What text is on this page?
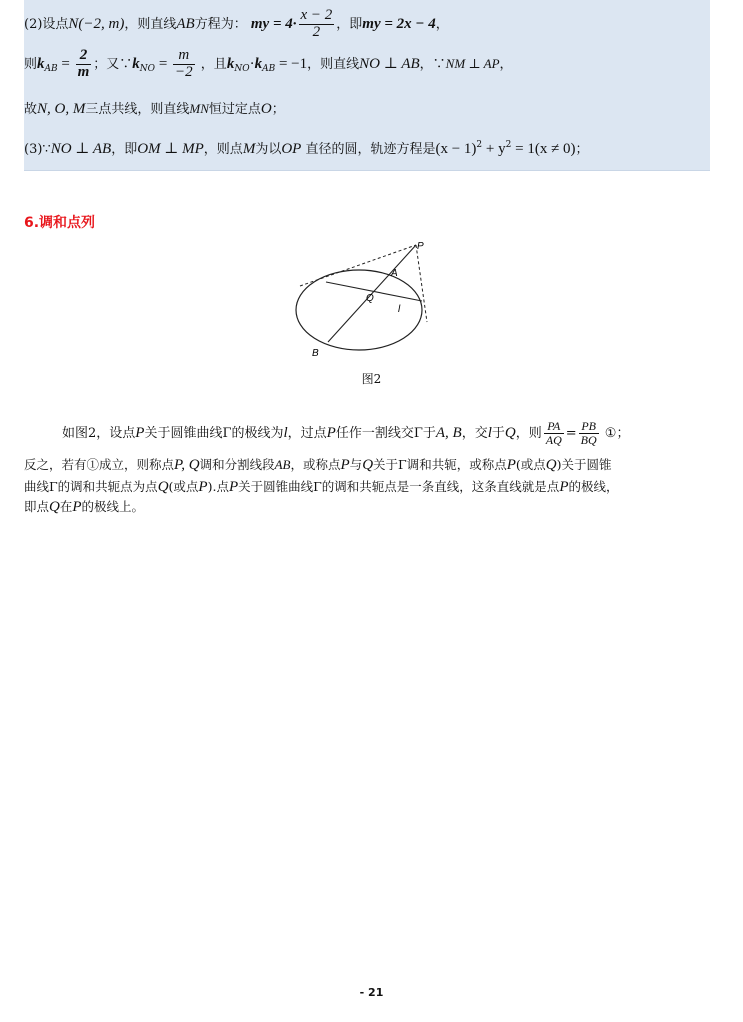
(2)设点N(−2, m)，则直线AB方程为： my = $4\cdot \frac{x - 2}{2}$ ，即my = 2x − 4，
则$k_{AB} = \frac{2}{m}$ ；又$\because k_{NO} = \frac{m}{-2}$ ，且$k_{NO}\cdot k_{AB} = -1$，则直线NO ⊥ AB，∵NM ⊥ AP，
故N, O, M三点共线，则直线MN恒过定点O；
(3)∵NO ⊥ AB，即OM ⊥ MP，则点M为以OP 直径的圆，轨迹方程是$(x - 1)^2 + y^2 = 1(x \ne 0)$；
6.调和点列
P
A
Q
l
B
图2
如图2，设点P关于圆锥曲线Γ的极线为l，过点P任作一割线交Γ于A, B，交l于Q，则 $\frac{PA}{AQ} = \frac{PB}{BQ}$ ①；
反之，若有①成立，则称点P, Q调和分割线段AB，或称点P与Q关于Γ调和共轭，或称点P(或点Q)关于圆锥
曲线Γ的调和共轭点为点Q(或点P).点P关于圆锥曲线Γ的调和共轭点是一条直线，这条直线就是点P的极线，
即点Q在P的极线上。
- 21
